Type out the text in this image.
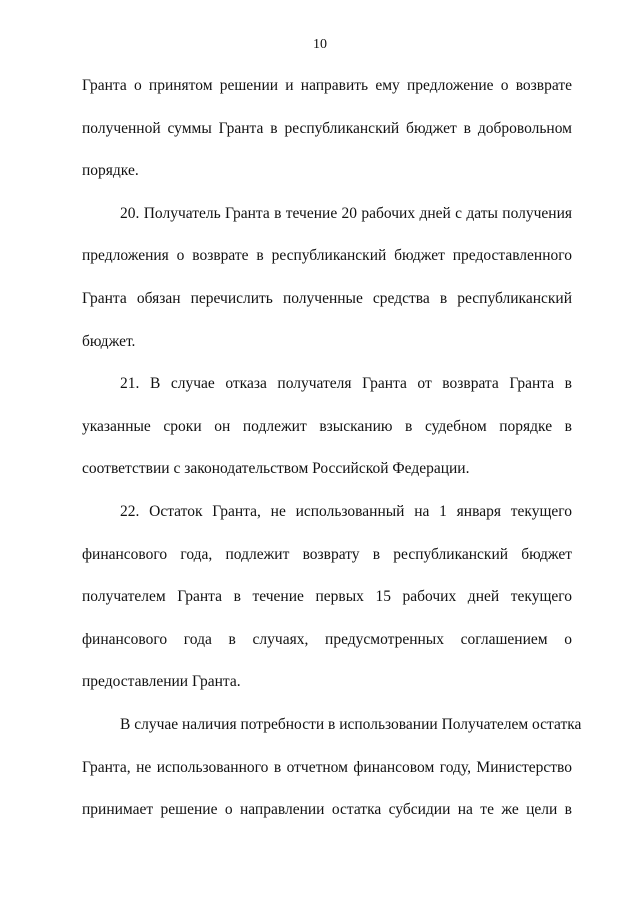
10
Гранта о принятом решении и направить ему предложение о возврате
полученной суммы Гранта в республиканский бюджет в добровольном
порядке.
20. Получатель Гранта в течение 20 рабочих дней с даты получения
предложения о возврате в республиканский бюджет предоставленного
Гранта обязан перечислить полученные средства в республиканский
бюджет.
21. В случае отказа получателя Гранта от возврата Гранта в
указанные сроки он подлежит взысканию в судебном порядке в
соответствии с законодательством Российской Федерации.
22. Остаток Гранта, не использованный на 1 января текущего
финансового года, подлежит возврату в республиканский бюджет
получателем Гранта в течение первых 15 рабочих дней текущего
финансового года в случаях, предусмотренных соглашением о
предоставлении Гранта.
В случае наличия потребности в использовании Получателем остатка
Гранта, не использованного в отчетном финансовом году, Министерство
принимает решение о направлении остатка субсидии на те же цели в
